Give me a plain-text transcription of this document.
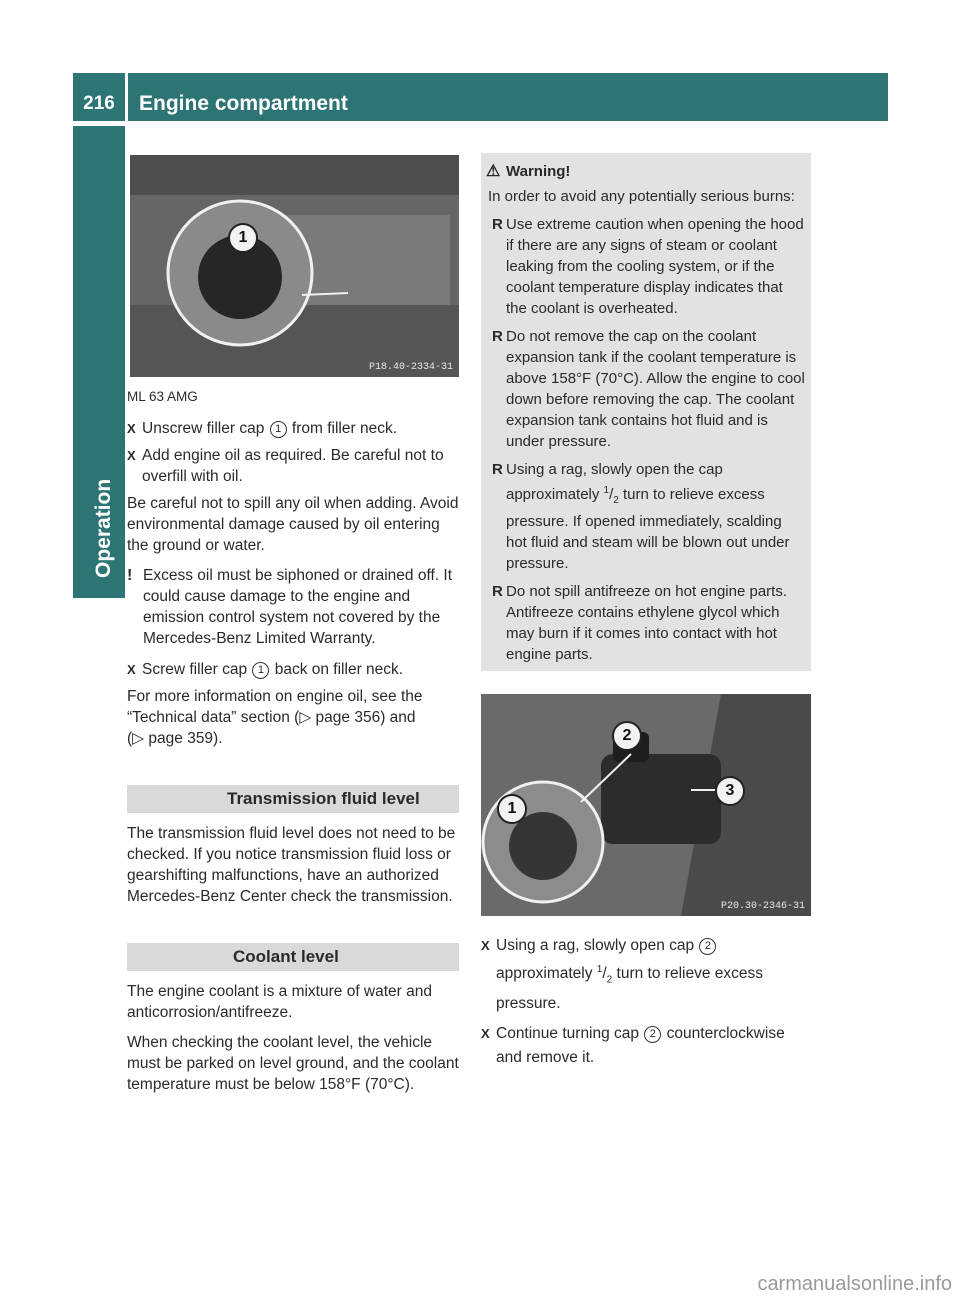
216	Engine compartment
Operation
1
P18.40-2334-31

ML 63 AMG

X Unscrew filler cap 1 from filler neck.
X Add engine oil as required. Be careful not to overfill with oil.

Be careful not to spill any oil when adding. Avoid environmental damage caused by oil entering the ground or water.

! Excess oil must be siphoned or drained off. It could cause damage to the engine and emission control system not covered by the Mercedes-Benz Limited Warranty.
X Screw filler cap 1 back on filler neck.

For more information on engine oil, see the “Technical data” section (▷ page 356) and
(▷ page 359).

Transmission fluid level

The transmission fluid level does not need to be checked. If you notice transmission fluid loss or gearshifting malfunctions, have an authorized Mercedes-Benz Center check the transmission.

Coolant level

The engine coolant is a mixture of water and anticorrosion/antifreeze.

When checking the coolant level, the vehicle must be parked on level ground, and the coolant temperature must be below 158°F (70°C).

⚠ Warning!

In order to avoid any potentially serious burns:

R Use extreme caution when opening the hood if there are any signs of steam or coolant leaking from the cooling system, or if the coolant temperature display indicates that the coolant is overheated.
R Do not remove the cap on the coolant expansion tank if the coolant temperature is above 158°F (70°C). Allow the engine to cool down before removing the cap. The coolant expansion tank contains hot fluid and is under pressure.
R Using a rag, slowly open the cap approximately $^1/_2$ turn to relieve excess pressure. If opened immediately, scalding hot fluid and steam will be blown out under pressure.
R Do not spill antifreeze on hot engine parts. Antifreeze contains ethylene glycol which may burn if it comes into contact with hot engine parts.
1
2
3
P20.30-2346-31
X Using a rag, slowly open cap 2
approximately $^1/_2$ turn to relieve excess pressure.
X Continue turning cap 2 counterclockwise and remove it.
carmanualsonline.info
